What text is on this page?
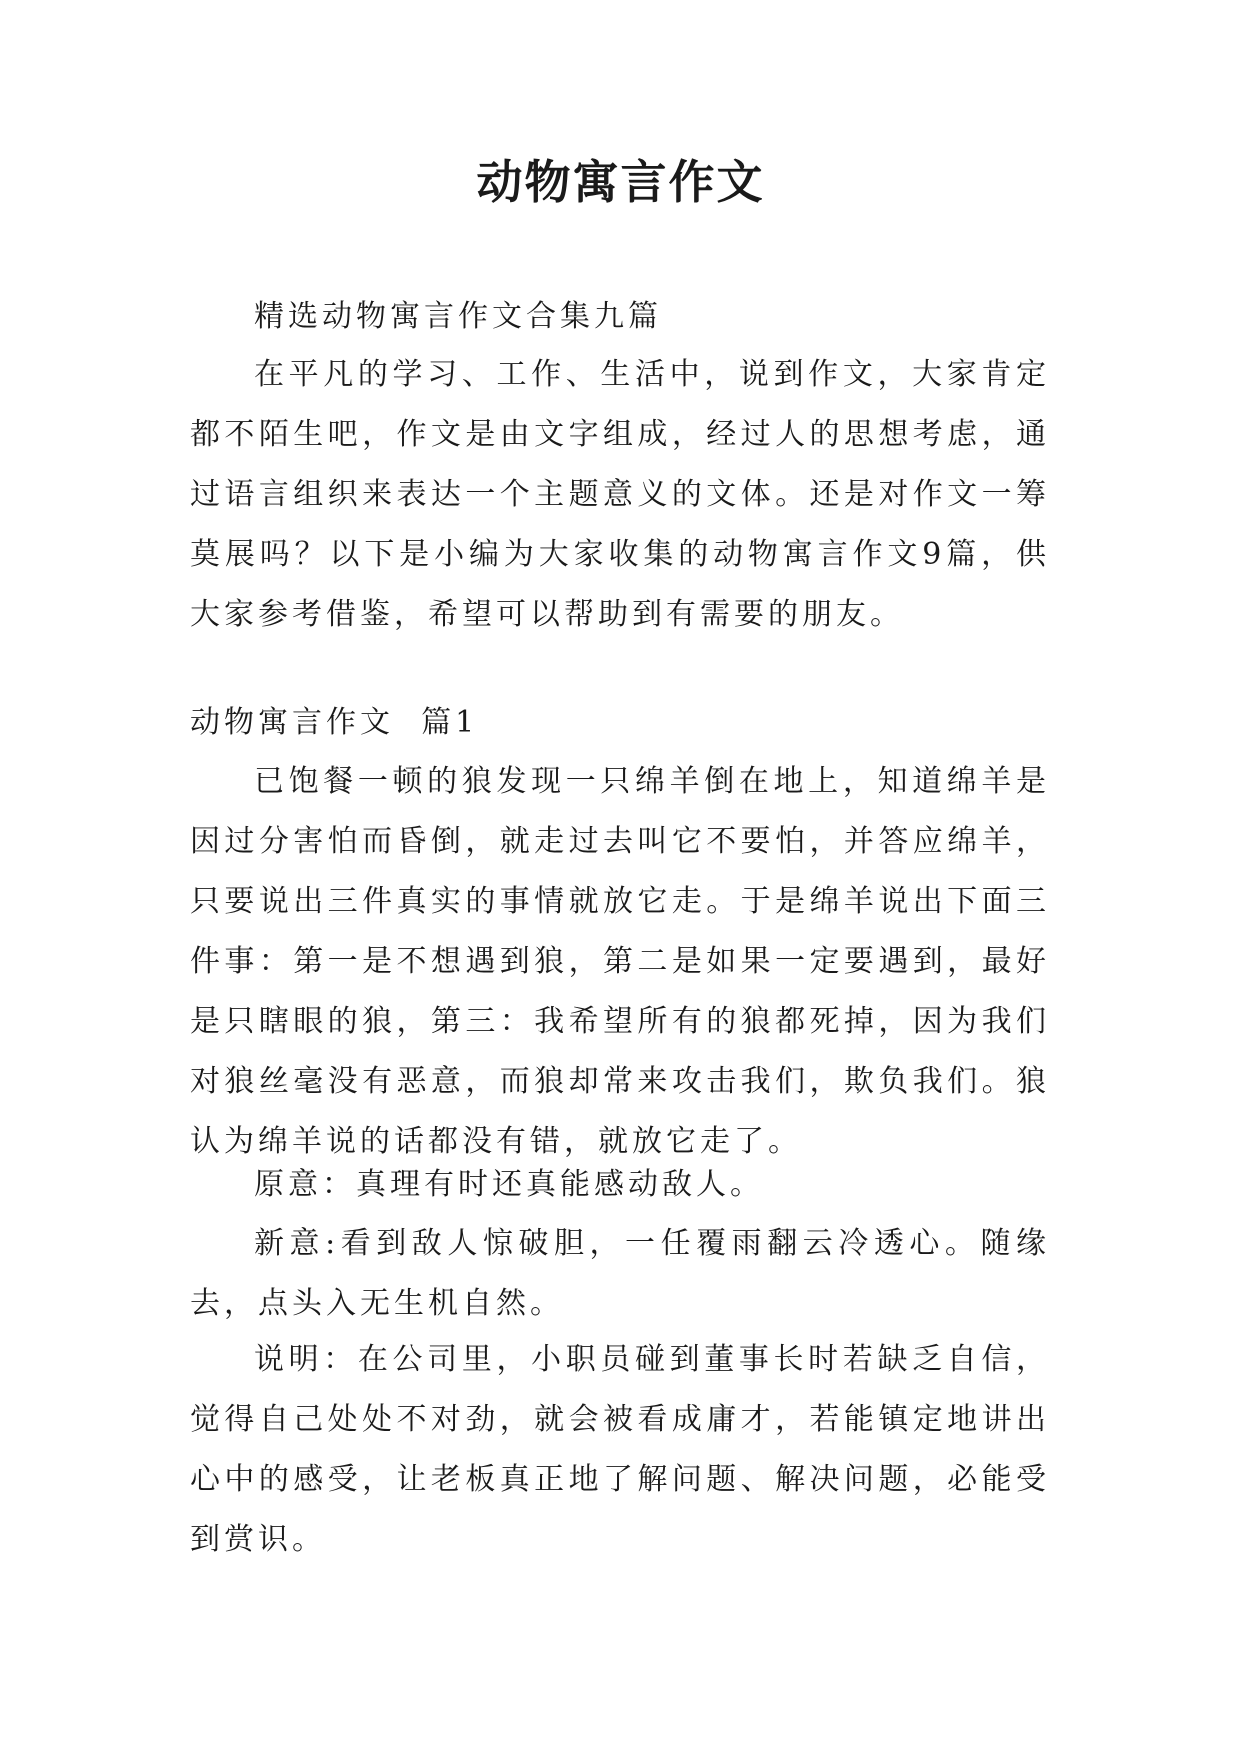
动物寓言作文

精选动物寓言作文合集九篇

在平凡的学习、工作、生活中，说到作文，大家肯定都不陌生吧，作文是由文字组成，经过人的思想考虑，通过语言组织来表达一个主题意义的文体。还是对作文一筹莫展吗？以下是小编为大家收集的动物寓言作文9篇，供大家参考借鉴，希望可以帮助到有需要的朋友。

动物寓言作文  篇1

已饱餐一顿的狼发现一只绵羊倒在地上，知道绵羊是因过分害怕而昏倒，就走过去叫它不要怕，并答应绵羊，只要说出三件真实的事情就放它走。于是绵羊说出下面三件事：第一是不想遇到狼，第二是如果一定要遇到，最好是只瞎眼的狼，第三：我希望所有的狼都死掉，因为我们对狼丝毫没有恶意，而狼却常来攻击我们，欺负我们。狼认为绵羊说的话都没有错，就放它走了。

原意：真理有时还真能感动敌人。

新意:看到敌人惊破胆，一任覆雨翻云冷透心。随缘去，点头入无生机自然。

说明：在公司里，小职员碰到董事长时若缺乏自信，觉得自己处处不对劲，就会被看成庸才，若能镇定地讲出心中的感受，让老板真正地了解问题、解决问题，必能受到赏识。
